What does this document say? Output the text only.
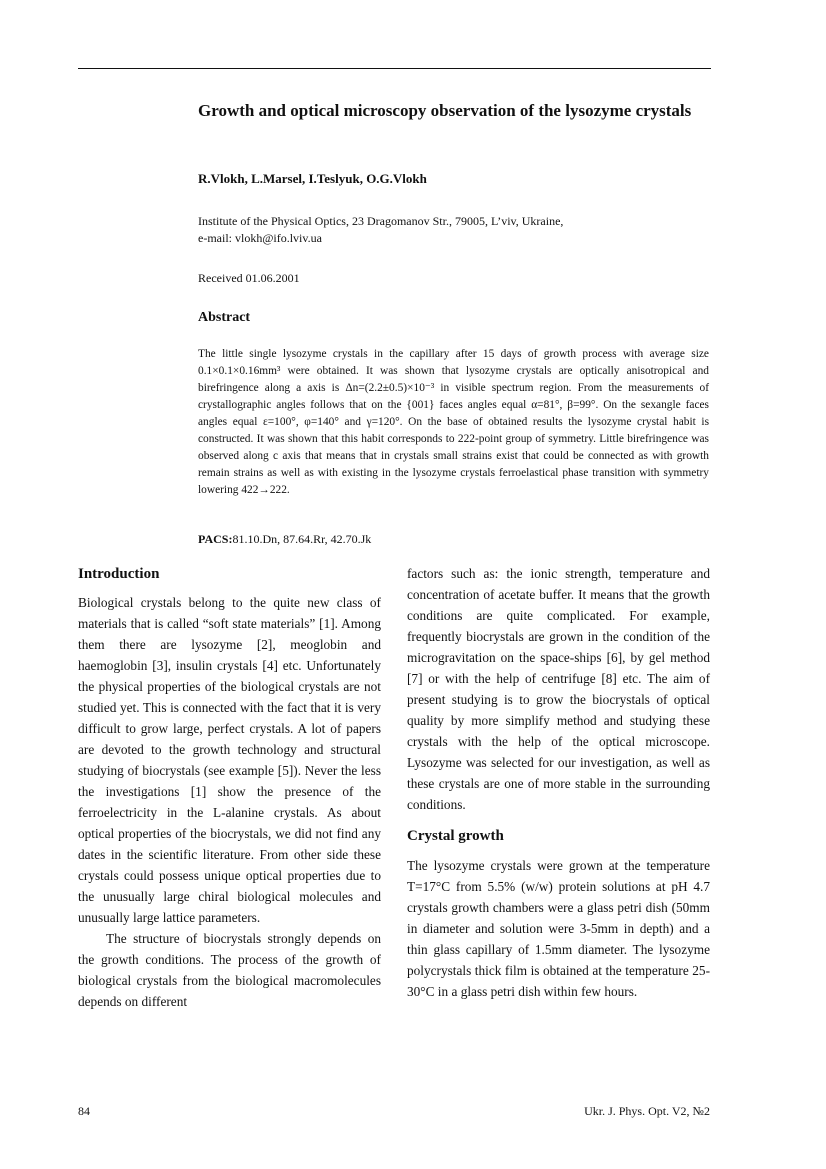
Growth and optical microscopy observation of the lysozyme crystals
R.Vlokh, L.Marsel, I.Teslyuk, O.G.Vlokh
Institute of the Physical Optics, 23 Dragomanov Str., 79005, L’viv, Ukraine,
e-mail: vlokh@ifo.lviv.ua
Received 01.06.2001
Abstract

The little single lysozyme crystals in the capillary after 15 days of growth process with average size 0.1×0.1×0.16mm³ were obtained. It was shown that lysozyme crystals are optically anisotropical and birefringence along a axis is Δn=(2.2±0.5)×10⁻³ in visible spectrum region. From the measurements of crystallographic angles follows that on the {001} faces angles equal α=81°, β=99°. On the sexangle faces angles equal ε=100°, φ=140° and γ=120°. On the base of obtained results the lysozyme crystal habit is constructed. It was shown that this habit corresponds to 222-point group of symmetry. Little birefringence was observed along c axis that means that in crystals small strains exist that could be connected as with growth remain strains as well as with existing in the lysozyme crystals ferroelastical phase transition with symmetry lowering 422→222.

PACS:81.10.Dn, 87.64.Rr, 42.70.Jk
Introduction

Biological crystals belong to the quite new class of materials that is called “soft state materials” [1]. Among them there are lysozyme [2], meoglobin and haemoglobin [3], insulin crystals [4] etc. Unfortunately the physical properties of the biological crystals are not studied yet. This is connected with the fact that it is very difficult to grow large, perfect crystals. A lot of papers are devoted to the growth technology and structural studying of biocrystals (see example [5]). Never the less the investigations [1] show the presence of the ferroelectricity in the L-alanine crystals. As about optical properties of the biocrystals, we did not find any dates in the scientific literature. From other side these crystals could possess unique optical properties due to the unusually large chiral biological molecules and unusually large lattice parameters.

The structure of biocrystals strongly depends on the growth conditions. The process of the growth of biological crystals from the biological macromolecules depends on different

factors such as: the ionic strength, temperature and concentration of acetate buffer. It means that the growth conditions are quite complicated. For example, frequently biocrystals are grown in the condition of the microgravitation on the space-ships [6], by gel method [7] or with the help of centrifuge [8] etc. The aim of present studying is to grow the biocrystals of optical quality by more simplify method and studying these crystals with the help of the optical microscope. Lysozyme was selected for our investigation, as well as these crystals are one of more stable in the surrounding conditions.

Crystal growth

The lysozyme crystals were grown at the temperature T=17°C from 5.5% (w/w) protein solutions at pH 4.7 crystals growth chambers were a glass petri dish (50mm in diameter and solution were 3-5mm in depth) and a thin glass capillary of 1.5mm diameter. The lysozyme polycrystals thick film is obtained at the temperature 25-30°C in a glass petri dish within few hours.

84	Ukr. J. Phys. Opt. V2, №2
